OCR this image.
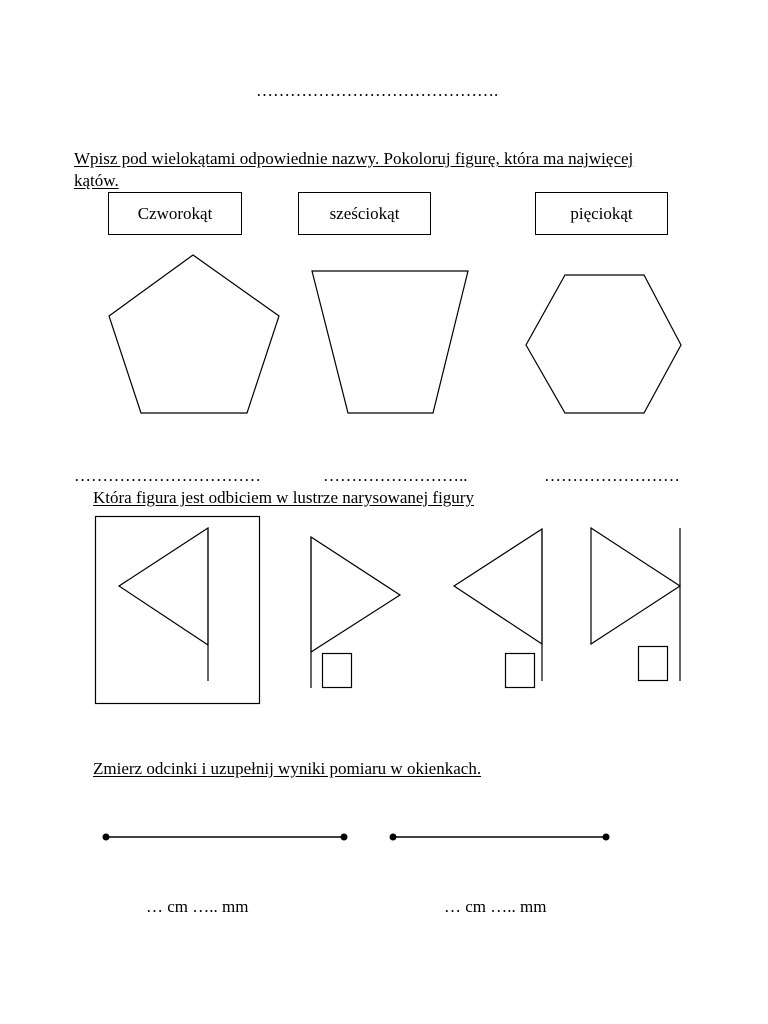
…………………………………….
Wpisz pod wielokątami odpowiednie nazwy. Pokoloruj figurę, która ma najwięcej kątów.
Czworokąt	sześciokąt	pięciokąt
……………………………	……………………..	……………………
Która figura jest odbiciem w lustrze narysowanej figury
Zmierz odcinki i uzupełnij wyniki pomiaru w okienkach.
… cm ….. mm	… cm ….. mm
